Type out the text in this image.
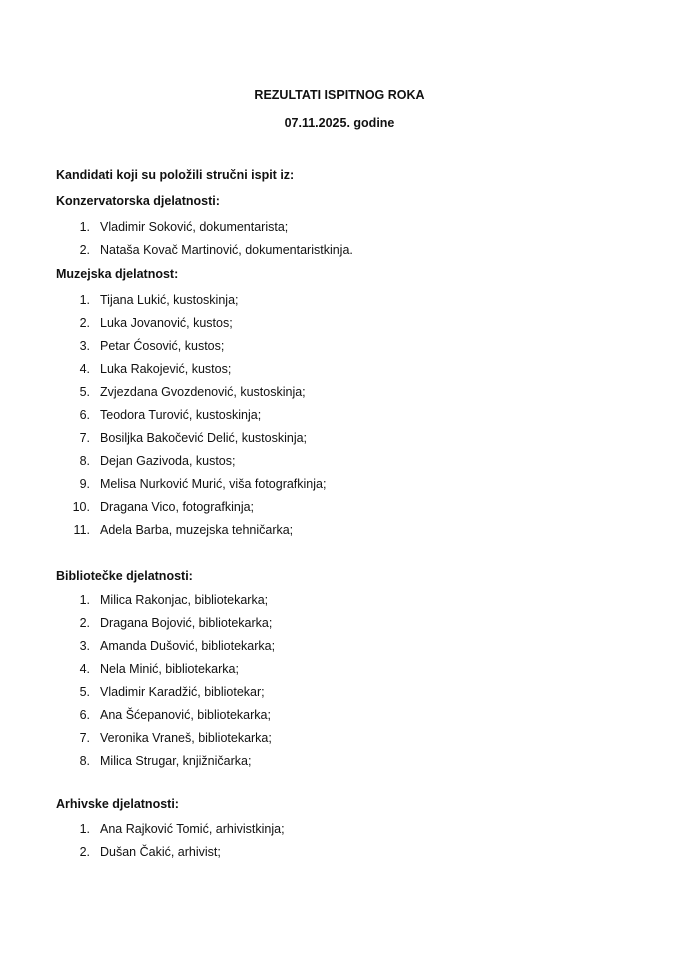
REZULTATI ISPITNOG ROKA
07.11.2025. godine
Kandidati koji su položili stručni ispit iz:
Konzervatorska djelatnosti:
1. Vladimir Soković, dokumentarista;
2. Nataša Kovač Martinović, dokumentaristkinja.
Muzejska djelatnost:
1. Tijana Lukić, kustoskinja;
2. Luka Jovanović, kustos;
3. Petar Ćosović, kustos;
4. Luka Rakojević, kustos;
5. Zvjezdana Gvozdenović, kustoskinja;
6. Teodora Turović, kustoskinja;
7. Bosiljka Bakočević Delić, kustoskinja;
8. Dejan Gazivoda, kustos;
9. Melisa Nurković Murić, viša fotografkinja;
10. Dragana Vico, fotografkinja;
11. Adela Barba, muzejska tehničarka;
Bibliotečke djelatnosti:
1. Milica Rakonjac, bibliotekarka;
2. Dragana Bojović, bibliotekarka;
3. Amanda Dušović, bibliotekarka;
4. Nela Minić, bibliotekarka;
5. Vladimir Karadžić, bibliotekar;
6. Ana Šćepanović, bibliotekarka;
7. Veronika Vraneš, bibliotekarka;
8. Milica Strugar, knjižničarka;
Arhivske djelatnosti:
1. Ana Rajković Tomić, arhivistkinja;
2. Dušan Čakić, arhivist;
